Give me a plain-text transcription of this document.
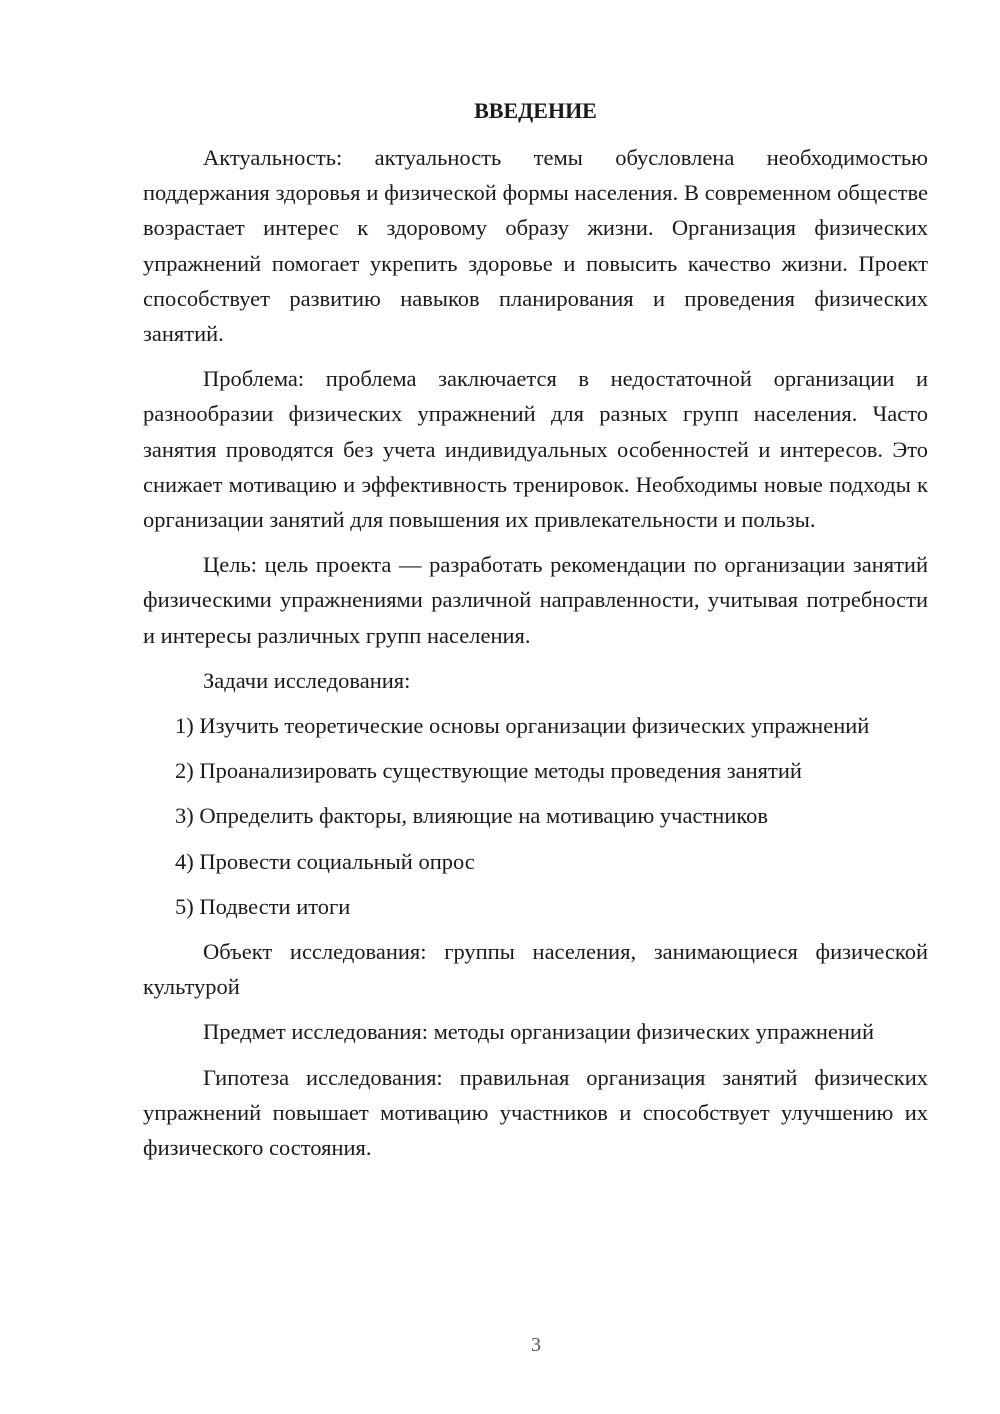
ВВЕДЕНИЕ

Актуальность: актуальность темы обусловлена необходимостью поддержания здоровья и физической формы населения. В современном обществе возрастает интерес к здоровому образу жизни. Организация физических упражнений помогает укрепить здоровье и повысить качество жизни. Проект способствует развитию навыков планирования и проведения физических занятий.

Проблема: проблема заключается в недостаточной организации и разнообразии физических упражнений для разных групп населения. Часто занятия проводятся без учета индивидуальных особенностей и интересов. Это снижает мотивацию и эффективность тренировок. Необходимы новые подходы к организации занятий для повышения их привлекательности и пользы.

Цель: цель проекта — разработать рекомендации по организации занятий физическими упражнениями различной направленности, учитывая потребности и интересы различных групп населения.

Задачи исследования:

1) Изучить теоретические основы организации физических упражнений
2) Проанализировать существующие методы проведения занятий
3) Определить факторы, влияющие на мотивацию участников
4) Провести социальный опрос
5) Подвести итоги

Объект исследования: группы населения, занимающиеся физической культурой

Предмет исследования: методы организации физических упражнений

Гипотеза исследования: правильная организация занятий физических упражнений повышает мотивацию участников и способствует улучшению их физического состояния.

3
